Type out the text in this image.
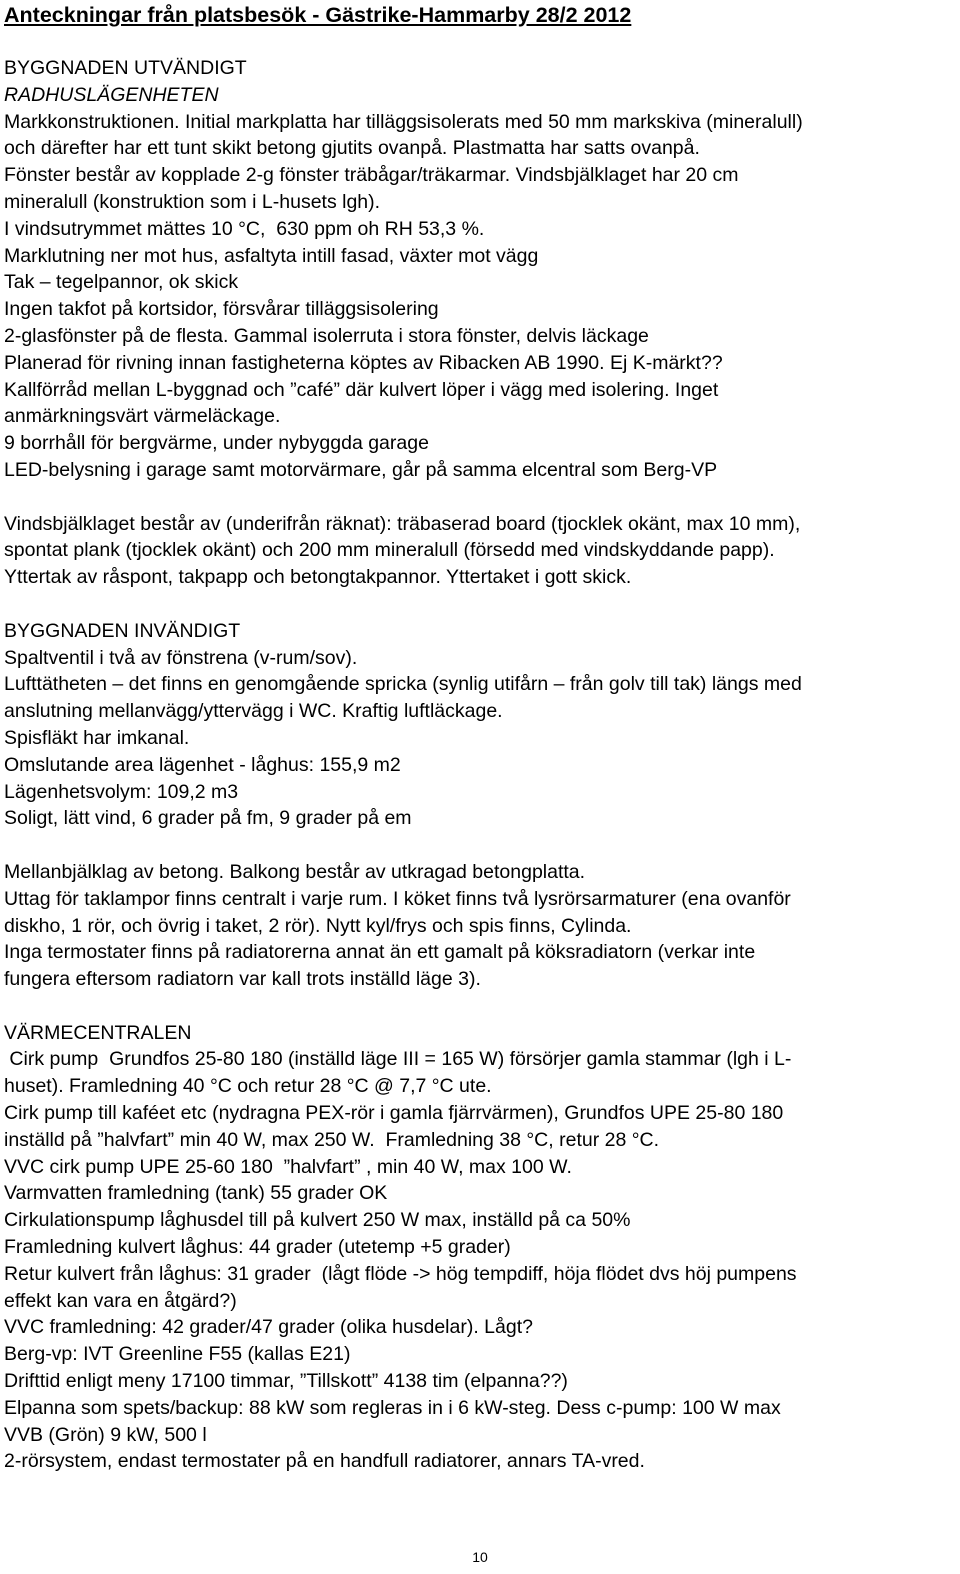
Anteckningar från platsbesök - Gästrike-Hammarby 28/2 2012
BYGGNADEN UTVÄNDIGT
RADHUSLÄGENHETEN
Markkonstruktionen. Initial markplatta har tilläggsisolerats med 50 mm markskiva (mineralull)
och därefter har ett tunt skikt betong gjutits ovanpå. Plastmatta har satts ovanpå.
Fönster består av kopplade 2-g fönster träbågar/träkarmar. Vindsbjälklaget har 20 cm
mineralull (konstruktion som i L-husets lgh).
I vindsutrymmet mättes 10 °C,  630 ppm oh RH 53,3 %.
Marklutning ner mot hus, asfaltyta intill fasad, växter mot vägg
Tak – tegelpannor, ok skick
Ingen takfot på kortsidor, försvårar tilläggsisolering
2-glasfönster på de flesta. Gammal isolerruta i stora fönster, delvis läckage
Planerad för rivning innan fastigheterna köptes av Ribacken AB 1990. Ej K-märkt??
Kallförråd mellan L-byggnad och ”café” där kulvert löper i vägg med isolering. Inget
anmärkningsvärt värmeläckage.
9 borrhåll för bergvärme, under nybyggda garage
LED-belysning i garage samt motorvärmare, går på samma elcentral som Berg-VP
Vindsbjälklaget består av (underifrån räknat): träbaserad board (tjocklek okänt, max 10 mm),
spontat plank (tjocklek okänt) och 200 mm mineralull (försedd med vindskyddande papp).
Yttertak av råspont, takpapp och betongtakpannor. Yttertaket i gott skick.
BYGGNADEN INVÄNDIGT
Spaltventil i två av fönstrena (v-rum/sov).
Lufttätheten – det finns en genomgående spricka (synlig utifårn – från golv till tak) längs med
anslutning mellanvägg/yttervägg i WC. Kraftig luftläckage.
Spisfläkt har imkanal.
Omslutande area lägenhet - låghus: 155,9 m2
Lägenhetsvolym: 109,2 m3
Soligt, lätt vind, 6 grader på fm, 9 grader på em
Mellanbjälklag av betong. Balkong består av utkragad betongplatta.
Uttag för taklampor finns centralt i varje rum. I köket finns två lysrörsarmaturer (ena ovanför
diskho, 1 rör, och övrig i taket, 2 rör). Nytt kyl/frys och spis finns, Cylinda.
Inga termostater finns på radiatorerna annat än ett gamalt på köksradiatorn (verkar inte
fungera eftersom radiatorn var kall trots inställd läge 3).
VÄRMECENTRALEN
Cirk pump  Grundfos 25-80 180 (inställd läge III = 165 W) försörjer gamla stammar (lgh i L-
huset). Framledning 40 °C och retur 28 °C @ 7,7 °C ute.
Cirk pump till kaféet etc (nydragna PEX-rör i gamla fjärrvärmen), Grundfos UPE 25-80 180
inställd på ”halvfart” min 40 W, max 250 W.  Framledning 38 °C, retur 28 °C.
VVC cirk pump UPE 25-60 180  ”halvfart” , min 40 W, max 100 W.
Varmvatten framledning (tank) 55 grader OK
Cirkulationspump låghusdel till på kulvert 250 W max, inställd på ca 50%
Framledning kulvert låghus: 44 grader (utetemp +5 grader)
Retur kulvert från låghus: 31 grader  (lågt flöde -> hög tempdiff, höja flödet dvs höj pumpens
effekt kan vara en åtgärd?)
VVC framledning: 42 grader/47 grader (olika husdelar). Lågt?
Berg-vp: IVT Greenline F55 (kallas E21)
Drifttid enligt meny 17100 timmar, ”Tillskott” 4138 tim (elpanna??)
Elpanna som spets/backup: 88 kW som regleras in i 6 kW-steg. Dess c-pump: 100 W max
VVB (Grön) 9 kW, 500 l
2-rörsystem, endast termostater på en handfull radiatorer, annars TA-vred.
10
